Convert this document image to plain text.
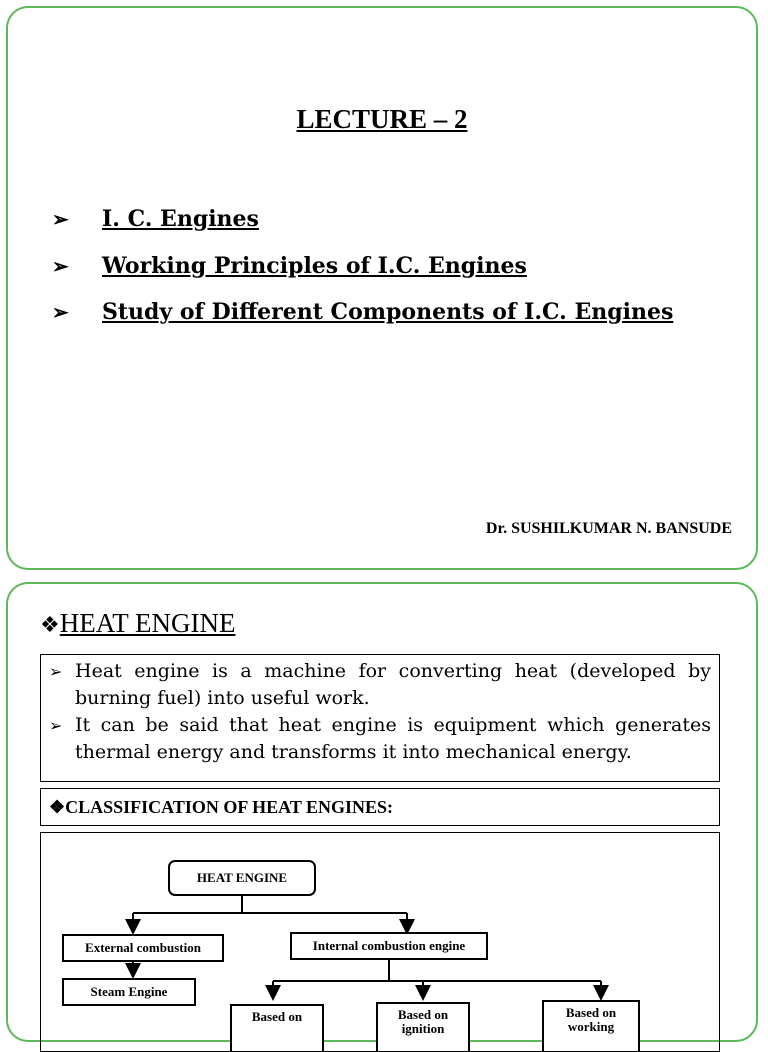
LECTURE – 2
➢ I. C. Engines
➢ Working Principles of I.C. Engines
➢ Study of Different Components of I.C. Engines
Dr. SUSHILKUMAR N. BANSUDE
❖HEAT ENGINE
➢ Heat engine is a machine for converting heat (developed by burning fuel) into useful work.
➢ It can be said that heat engine is equipment which generates thermal energy and transforms it into mechanical energy.
❖CLASSIFICATION OF HEAT ENGINES:
HEAT ENGINE
External combustion	Internal combustion engine
Steam Engine
Based on	Based on
ignition
Based on
working
